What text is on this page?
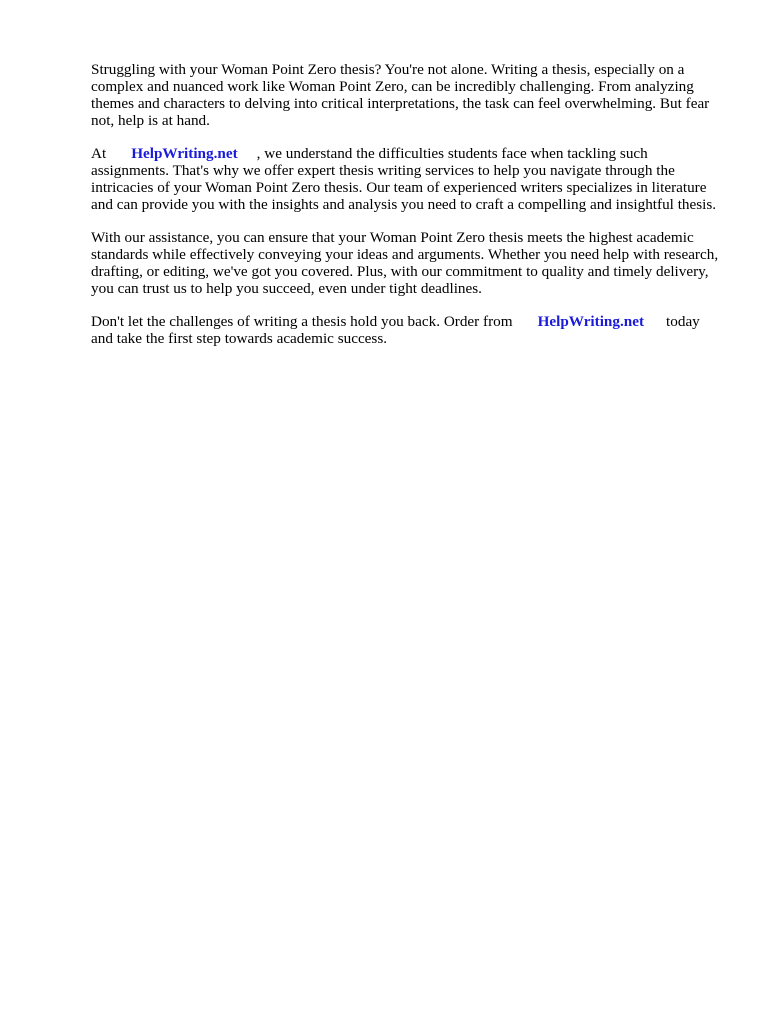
Struggling with your Woman Point Zero thesis? You're not alone. Writing a thesis, especially on a complex and nuanced work like Woman Point Zero, can be incredibly challenging. From analyzing themes and characters to delving into critical interpretations, the task can feel overwhelming. But fear not, help is at hand.

At HelpWriting.net , we understand the difficulties students face when tackling such assignments. That's why we offer expert thesis writing services to help you navigate through the intricacies of your Woman Point Zero thesis. Our team of experienced writers specializes in literature and can provide you with the insights and analysis you need to craft a compelling and insightful thesis.

With our assistance, you can ensure that your Woman Point Zero thesis meets the highest academic standards while effectively conveying your ideas and arguments. Whether you need help with research, drafting, or editing, we've got you covered. Plus, with our commitment to quality and timely delivery, you can trust us to help you succeed, even under tight deadlines.

Don't let the challenges of writing a thesis hold you back. Order from HelpWriting.net today and take the first step towards academic success.
